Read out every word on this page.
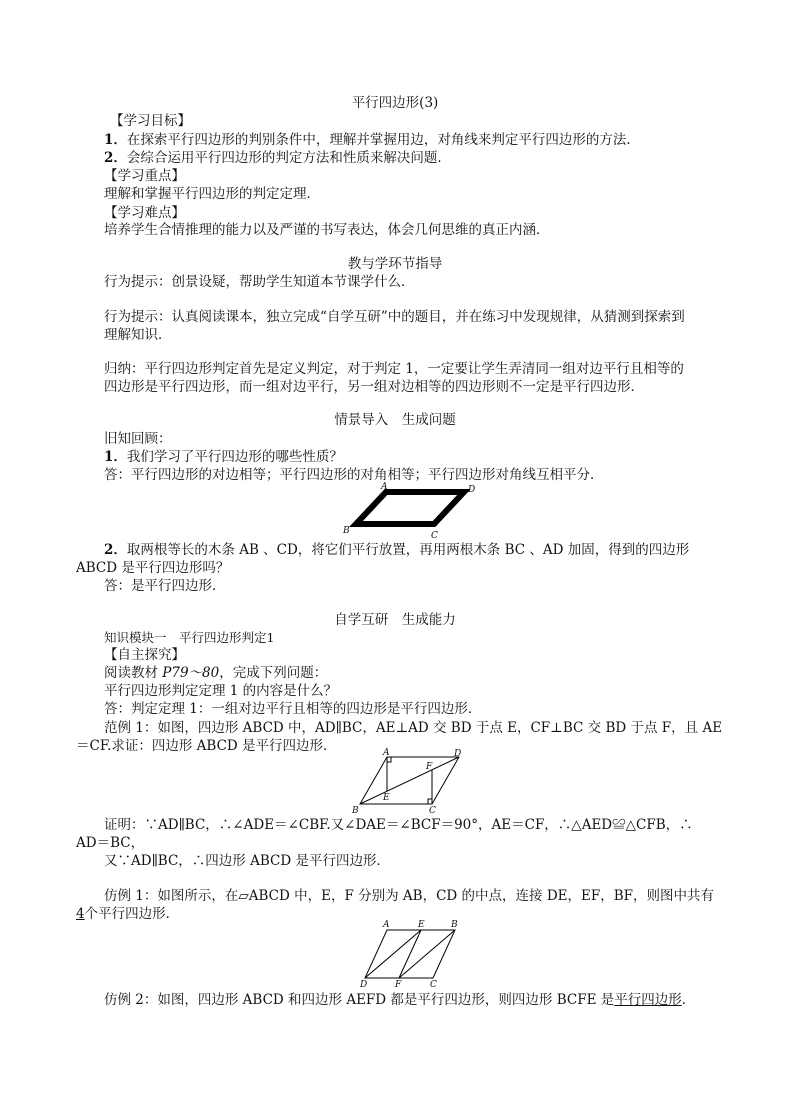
平行四边形(3)
【学习目标】
1．在探索平行四边形的判别条件中，理解并掌握用边，对角线来判定平行四边形的方法．
2．会综合运用平行四边形的判定方法和性质来解决问题．
【学习重点】
理解和掌握平行四边形的判定定理．
【学习难点】
培养学生合情推理的能力以及严谨的书写表达，体会几何思维的真正内涵．
教与学环节指导
行为提示：创景设疑，帮助学生知道本节课学什么．
行为提示：认真阅读课本，独立完成“自学互研”中的题目，并在练习中发现规律，从猜测到探索到
理解知识．
归纳：平行四边形判定首先是定义判定，对于判定 1，一定要让学生弄清同一组对边平行且相等的
四边形是平行四边形，而一组对边平行，另一组对边相等的四边形则不一定是平行四边形．
情景导入　生成问题
旧知回顾：
1．我们学习了平行四边形的哪些性质？
答：平行四边形的对边相等；平行四边形的对角相等；平行四边形对角线互相平分．
A	D
B	C
2．取两根等长的木条 AB 、CD，将它们平行放置，再用两根木条 BC 、AD 加固，得到的四边形
ABCD 是平行四边形吗？
答：是平行四边形．
自学互研　生成能力
知识模块一　平行四边形判定1
【自主探究】
阅读教材 P79～80，完成下列问题：
平行四边形判定定理 1 的内容是什么？
答：判定定理 1：一组对边平行且相等的四边形是平行四边形．
范例 1：如图，四边形 ABCD 中，AD∥BC，AE⊥AD 交 BD 于点 E，CF⊥BC 交 BD 于点 F，且 AE
＝CF.求证：四边形 ABCD 是平行四边形．	A	D
B	C
E
F
证明：∵AD∥BC，∴∠ADE＝∠CBF.又∠DAE＝∠BCF＝90°，AE＝CF，∴△AED≌△CFB，∴
AD＝BC，
又∵AD∥BC，∴四边形 ABCD 是平行四边形．
仿例 1：如图所示，在▱ABCD 中，E，F 分别为 AB，CD 的中点，连接 DE，EF，BF，则图中共有
4个平行四边形．
A	E	B
D	F	C
仿例 2：如图，四边形 ABCD 和四边形 AEFD 都是平行四边形，则四边形 BCFE 是平行四边形．
